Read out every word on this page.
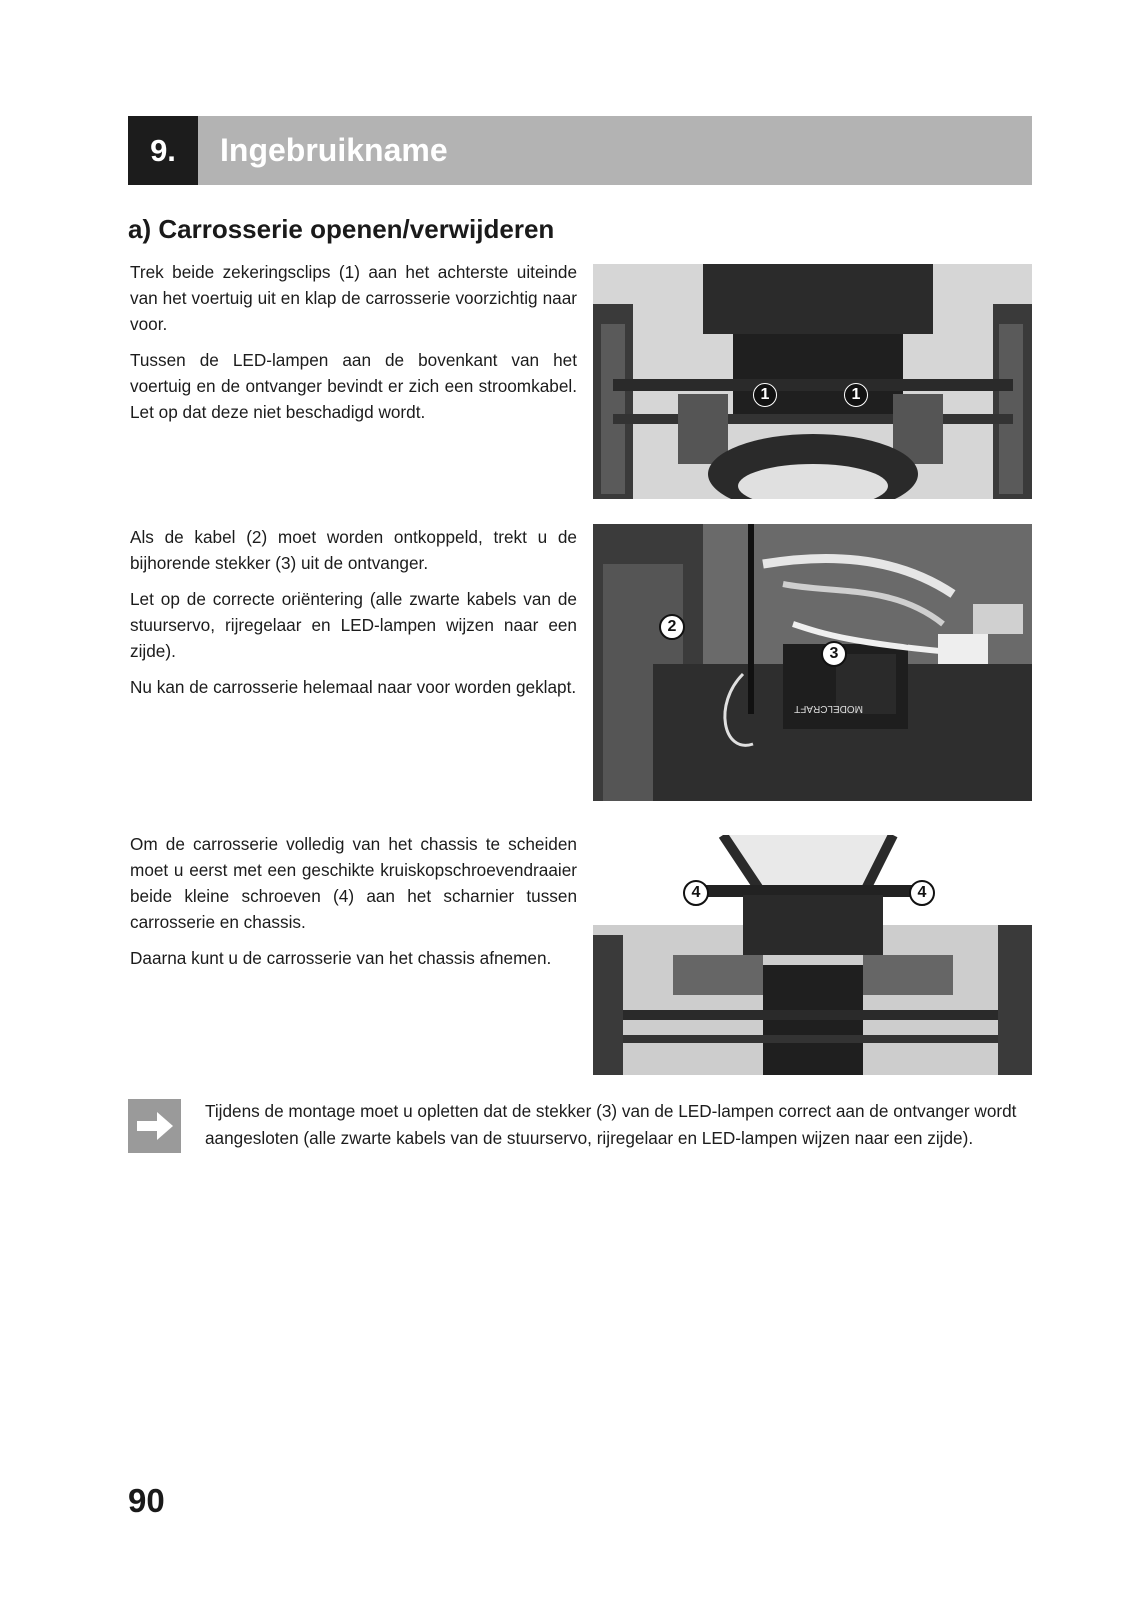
9.	Ingebruikname
a) Carrosserie openen/verwijderen

Trek beide zekeringsclips (1) aan het achterste uiteinde van het voertuig uit en klap de carrosserie voorzichtig naar voor.

Tussen de LED-lampen aan de bovenkant van het voertuig en de ontvanger bevindt er zich een stroomkabel. Let op dat deze niet beschadigd wordt.

1	1

Als de kabel (2) moet worden ontkoppeld, trekt u de bijhorende stekker (3) uit de ontvanger.

Let op de correcte oriëntering (alle zwarte kabels van de stuurservo, rijregelaar en LED-lampen wijzen naar een zijde).

Nu kan de carrosserie helemaal naar voor worden geklapt.

MODELCRAFT
2
3

Om de carrosserie volledig van het chassis te scheiden moet u eerst met een geschikte kruiskopschroevendraaier beide kleine schroeven (4) aan het scharnier tussen carrosserie en chassis.

Daarna kunt u de carrosserie van het chassis afnemen.

4	4
Tijdens de montage moet u opletten dat de stekker (3) van de LED-lampen correct aan de ontvanger wordt aangesloten (alle zwarte kabels van de stuurservo, rijregelaar en LED-lampen wijzen naar een zijde).
90
